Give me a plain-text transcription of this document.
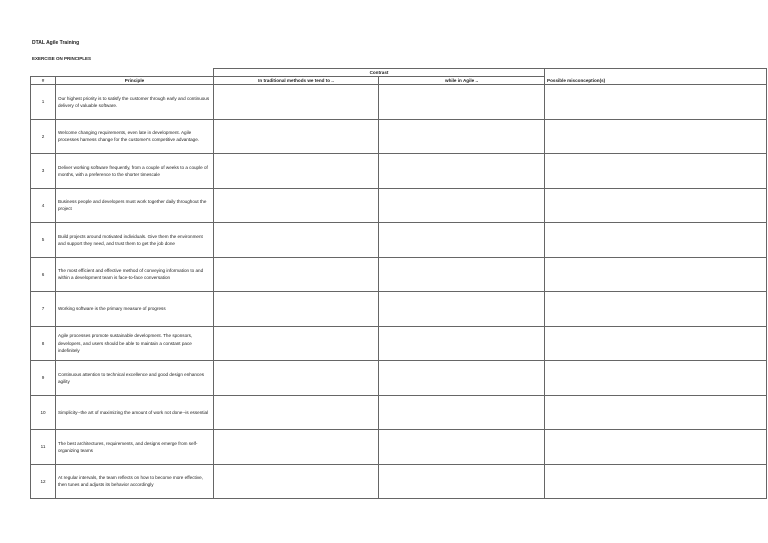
DTAL Agile Training
EXERCISE ON PRINCIPLES
		Contrast		
#	Principle	In traditional methods we tend to ..	while in Agile ..	Possible misconception(s)
1	Our highest priority is to satisfy the customer through early and continuous delivery of valuable software.			
2	Welcome changing requirements, even late in development. Agile processes harness change for the customer's competitive advantage.			
3	Deliver working software frequently, from a couple of weeks to a couple of months, with a preference to the shorter timescale			
4	Business people and developers must work together daily throughout the project			
5	Build projects around motivated individuals. Give them the environment and support they need, and trust them to get the job done			
6	The most efficient and effective method of conveying information to and within a development team is face-to-face conversation			
7	Working software is the primary measure of progress			
8	Agile processes promote sustainable development. The sponsors, developers, and users should be able to maintain a constant pace indefinitely			
9	Continuous attention to technical excellence and good design enhances agility			
10	Simplicity--the art of maximizing the amount of work not done--is essential			
11	The best architectures, requirements, and designs emerge from self-organizing teams			
12	At regular intervals, the team reflects on how to become more effective, then tunes and adjusts its behavior accordingly			
